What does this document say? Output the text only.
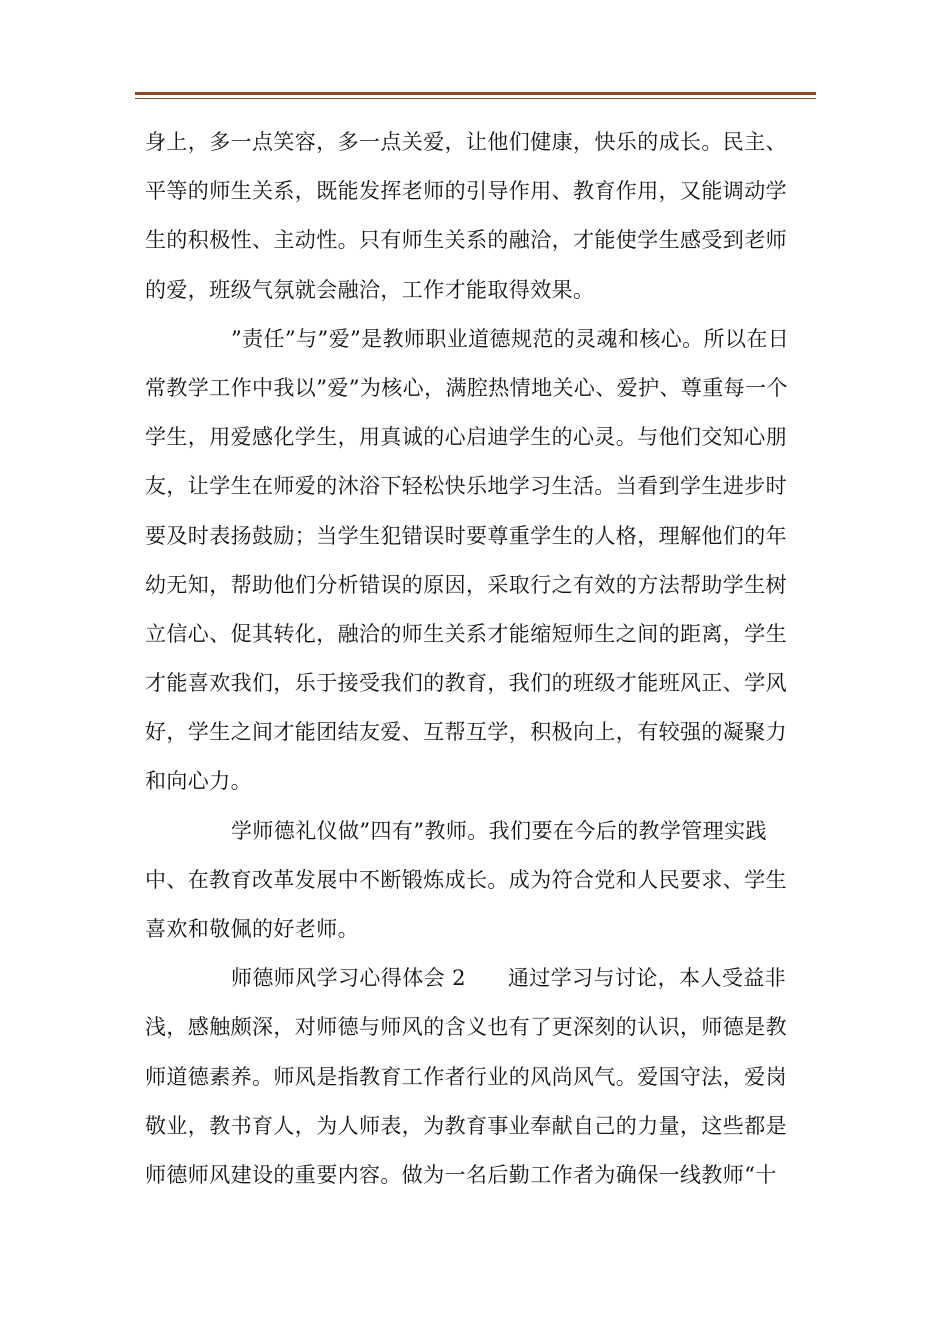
身上，多一点笑容，多一点关爱，让他们健康，快乐的成长。民主、
平等的师生关系，既能发挥老师的引导作用、教育作用，又能调动学
生的积极性、主动性。只有师生关系的融洽，才能使学生感受到老师
的爱，班级气氛就会融洽，工作才能取得效果。
”责任”与”爱”是教师职业道德规范的灵魂和核心。所以在日
常教学工作中我以”爱”为核心，满腔热情地关心、爱护、尊重每一个
学生，用爱感化学生，用真诚的心启迪学生的心灵。与他们交知心朋
友，让学生在师爱的沐浴下轻松快乐地学习生活。当看到学生进步时
要及时表扬鼓励；当学生犯错误时要尊重学生的人格，理解他们的年
幼无知，帮助他们分析错误的原因，采取行之有效的方法帮助学生树
立信心、促其转化，融洽的师生关系才能缩短师生之间的距离，学生
才能喜欢我们，乐于接受我们的教育，我们的班级才能班风正、学风
好，学生之间才能团结友爱、互帮互学，积极向上，有较强的凝聚力
和向心力。
学师德礼仪做”四有”教师。我们要在今后的教学管理实践
中、在教育改革发展中不断锻炼成长。成为符合党和人民要求、学生
喜欢和敬佩的好老师。
师德师风学习心得体会 2 通过学习与讨论，本人受益非
浅，感触颇深，对师德与师风的含义也有了更深刻的认识，师德是教
师道德素养。师风是指教育工作者行业的风尚风气。爱国守法，爱岗
敬业，教书育人，为人师表，为教育事业奉献自己的力量，这些都是
师德师风建设的重要内容。做为一名后勤工作者为确保一线教师“十
